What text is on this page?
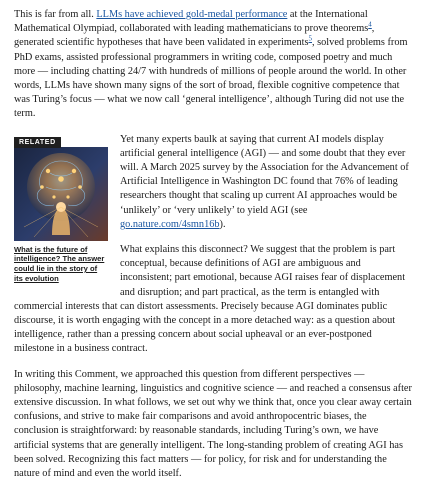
This is far from all. LLMs have achieved gold-medal performance at the International Mathematical Olympiad, collaborated with leading mathematicians to prove theorems$^4$, generated scientific hypotheses that have been validated in experiments$^5$, solved problems from PhD exams, assisted professional programmers in writing code, composed poetry and much more — including chatting 24/7 with hundreds of millions of people around the world. In other words, LLMs have shown many signs of the sort of broad, flexible cognitive competence that was Turing’s focus — what we now call ‘general intelligence’, although Turing did not use the term.

RELATED
What is the future of intelligence? The answer could lie in the story of its evolution

Yet many experts baulk at saying that current AI models display artificial general intelligence (AGI) — and some doubt that they ever will. A March 2025 survey by the Association for the Advancement of Artificial Intelligence in Washington DC found that 76% of leading researchers thought that scaling up current AI approaches would be ‘unlikely’ or ‘very unlikely’ to yield AGI (see go.nature.com/4smn16b).

What explains this disconnect? We suggest that the problem is part conceptual, because definitions of AGI are ambiguous and inconsistent; part emotional, because AGI raises fear of displacement and disruption; and part practical, as the term is entangled with commercial interests that can distort assessments. Precisely because AGI dominates public discourse, it is worth engaging with the concept in a more detached way: as a question about intelligence, rather than a pressing concern about social upheaval or an ever-postponed milestone in a business contract.

In writing this Comment, we approached this question from different perspectives — philosophy, machine learning, linguistics and cognitive science — and reached a consensus after extensive discussion. In what follows, we set out why we think that, once you clear away certain confusions, and strive to make fair comparisons and avoid anthropocentric biases, the conclusion is straightforward: by reasonable standards, including Turing’s own, we have artificial systems that are generally intelligent. The long-standing problem of creating AGI has been solved. Recognizing this fact matters — for policy, for risk and for understanding the nature of mind and even the world itself.
